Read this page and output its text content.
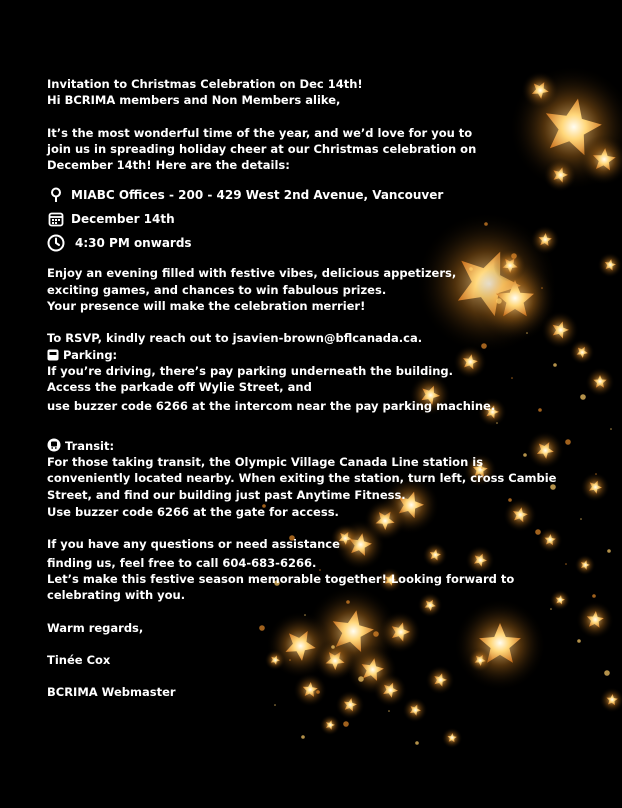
Invitation to Christmas Celebration on Dec 14th!

Hi BCRIMA members and Non Members alike,

It’s the most wonderful time of the year, and we’d love for you to

join us in spreading holiday cheer at our Christmas celebration on

December 14th! Here are the details:

MIABC Offices - 200 - 429 West 2nd Avenue, Vancouver
December 14th
4:30 PM onwards

Enjoy an evening filled with festive vibes, delicious appetizers,

exciting games, and chances to win fabulous prizes.

Your presence will make the celebration merrier!

To RSVP, kindly reach out to jsavien-brown@bflcanada.ca.

Parking:

If you’re driving, there’s pay parking underneath the building.

Access the parkade off Wylie Street, and

use buzzer code 6266 at the intercom near the pay parking machine.

Transit:

For those taking transit, the Olympic Village Canada Line station is

conveniently located nearby. When exiting the station, turn left, cross Cambie

Street, and find our building just past Anytime Fitness.

Use buzzer code 6266 at the gate for access.

If you have any questions or need assistance

finding us, feel free to call 604-683-6266.

Let’s make this festive season memorable together! Looking forward to

celebrating with you.

Warm regards,

Tinée Cox

BCRIMA Webmaster
